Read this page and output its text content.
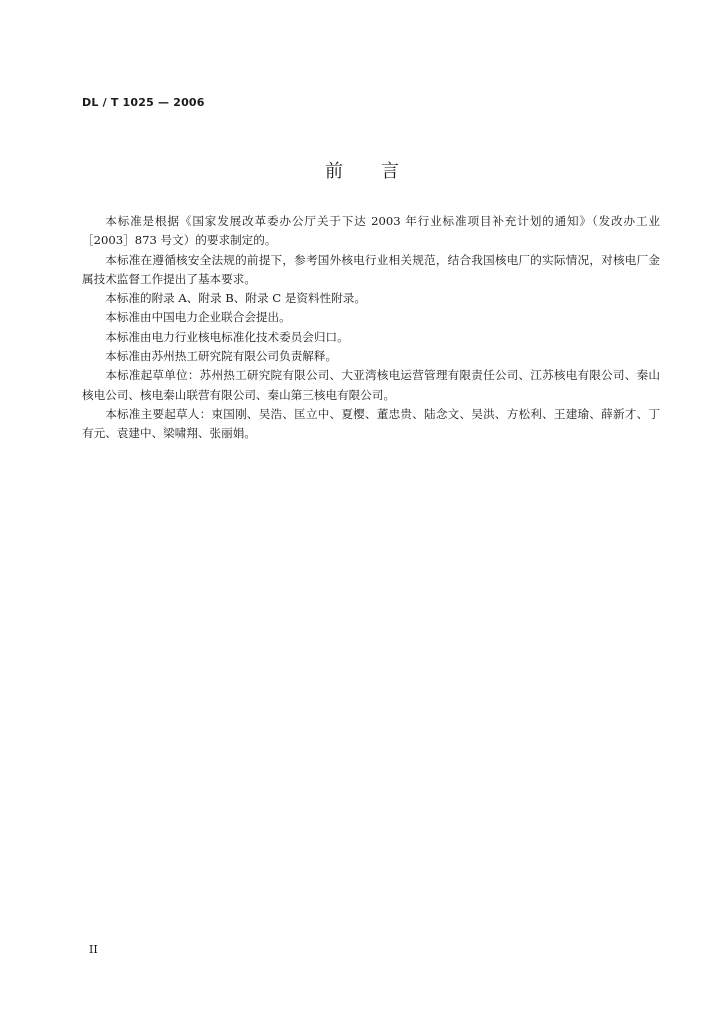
DL / T 1025 — 2006
前言

本标准是根据《国家发展改革委办公厅关于下达 2003 年行业标准项目补充计划的通知》（发改办工业［2003］873 号文）的要求制定的。

本标准在遵循核安全法规的前提下，参考国外核电行业相关规范，结合我国核电厂的实际情况，对核电厂金属技术监督工作提出了基本要求。

本标准的附录 A、附录 B、附录 C 是资料性附录。

本标准由中国电力企业联合会提出。

本标准由电力行业核电标准化技术委员会归口。

本标准由苏州热工研究院有限公司负责解释。

本标准起草单位：苏州热工研究院有限公司、大亚湾核电运营管理有限责任公司、江苏核电有限公司、秦山核电公司、核电秦山联营有限公司、秦山第三核电有限公司。

本标准主要起草人：束国刚、吴浩、匡立中、夏樱、董忠贵、陆念文、吴洪、方松利、王建瑜、薛新才、丁有元、袁建中、梁啸翔、张丽娟。

II
